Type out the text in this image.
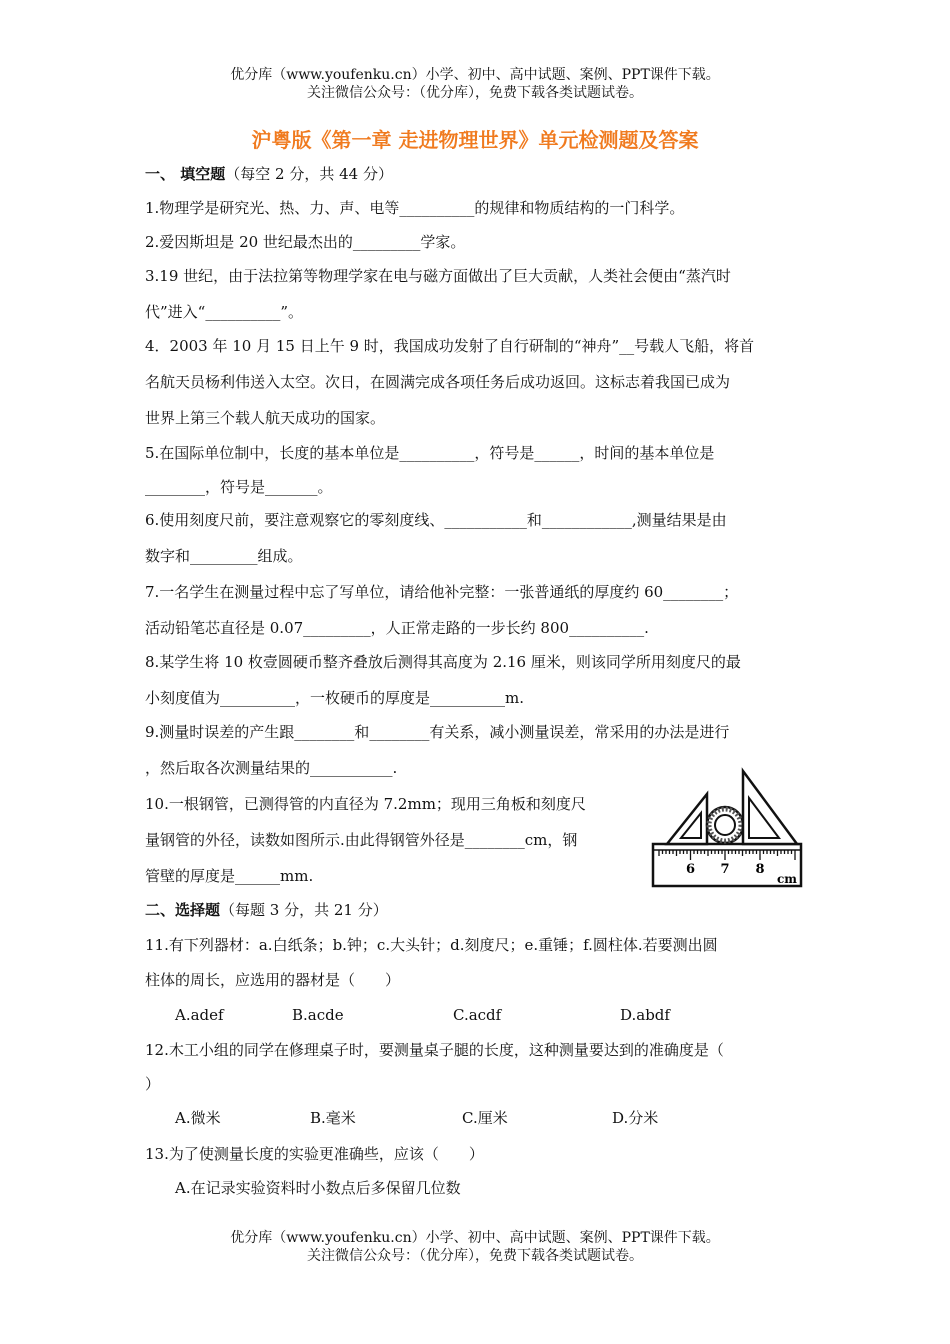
优分库（www.youfenku.cn）小学、初中、高中试题、案例、PPT课件下载。
关注微信公众号：（优分库），免费下载各类试题试卷。
沪粤版《第一章 走进物理世界》单元检测题及答案
一、 填空题（每空 2 分，共 44 分）
1.物理学是研究光、热、力、声、电等__________的规律和物质结构的一门科学。
2.爱因斯坦是 20 世纪最杰出的_________学家。
3.19 世纪，由于法拉第等物理学家在电与磁方面做出了巨大贡献，人类社会便由“蒸汽时
代”进入“__________”。
4．2003 年 10 月 15 日上午 9 时，我国成功发射了自行研制的“神舟”__号载人飞船，将首
名航天员杨利伟送入太空。次日，在圆满完成各项任务后成功返回。这标志着我国已成为
世界上第三个载人航天成功的国家。
5.在国际单位制中，长度的基本单位是__________，符号是______，时间的基本单位是
________，符号是_______。
6.使用刻度尺前，要注意观察它的零刻度线、___________和____________,测量结果是由
数字和_________组成。
7.一名学生在测量过程中忘了写单位，请给他补完整：一张普通纸的厚度约 60________；
活动铅笔芯直径是 0.07_________，人正常走路的一步长约 800__________.
8.某学生将 10 枚壹圆硬币整齐叠放后测得其高度为 2.16 厘米，则该同学所用刻度尺的最
小刻度值为__________，一枚硬币的厚度是__________m.
9.测量时误差的产生跟________和________有关系，减小测量误差，常采用的办法是进行
，然后取各次测量结果的___________.
10.一根钢管，已测得管的内直径为 7.2mm；现用三角板和刻度尺
量钢管的外径，读数如图所示.由此得钢管外径是________cm，钢
管壁的厚度是______mm.	6 7 8
cm
二、选择题（每题 3 分，共 21 分）
11.有下列器材：a.白纸条；b.钟；c.大头针；d.刻度尺；e.重锤；f.圆柱体.若要测出圆
柱体的周长，应选用的器材是（　　）
A.adef	B.acde	C.acdf	D.abdf
12.木工小组的同学在修理桌子时，要测量桌子腿的长度，这种测量要达到的准确度是（
）
A.微米	B.毫米	C.厘米	D.分米
13.为了使测量长度的实验更准确些，应该（　　）
A.在记录实验资料时小数点后多保留几位数
优分库（www.youfenku.cn）小学、初中、高中试题、案例、PPT课件下载。
关注微信公众号：（优分库），免费下载各类试题试卷。
